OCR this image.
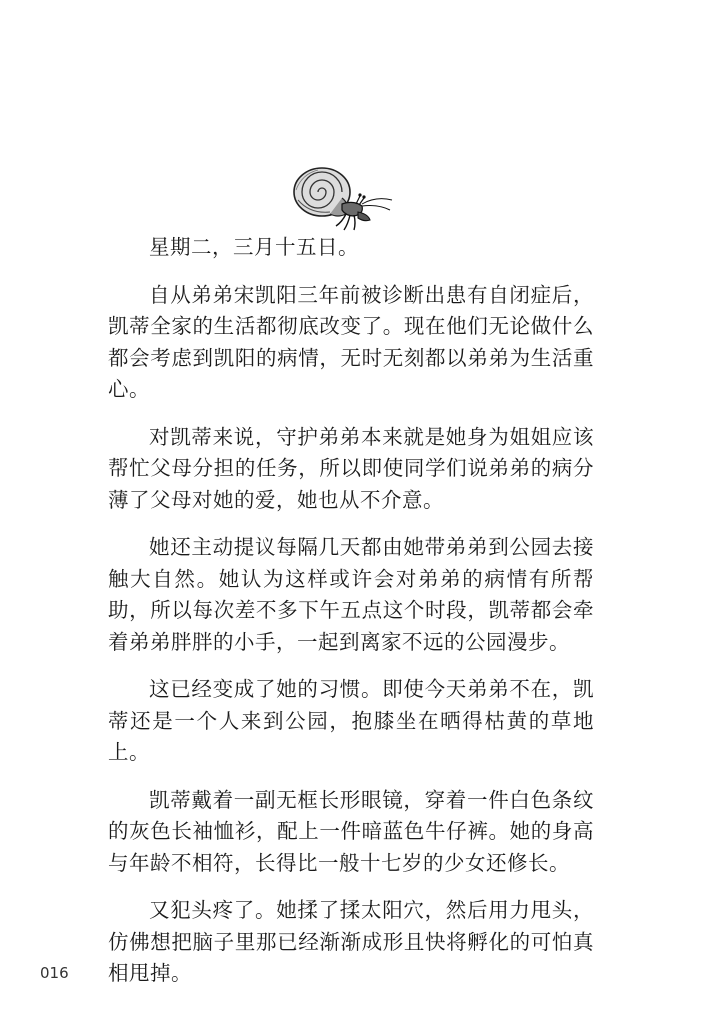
星期二，三月十五日。

自从弟弟宋凯阳三年前被诊断出患有自闭症后，凯蒂全家的生活都彻底改变了。现在他们无论做什么都会考虑到凯阳的病情，无时无刻都以弟弟为生活重心。

对凯蒂来说，守护弟弟本来就是她身为姐姐应该帮忙父母分担的任务，所以即使同学们说弟弟的病分薄了父母对她的爱，她也从不介意。

她还主动提议每隔几天都由她带弟弟到公园去接触大自然。她认为这样或许会对弟弟的病情有所帮助，所以每次差不多下午五点这个时段，凯蒂都会牵着弟弟胖胖的小手，一起到离家不远的公园漫步。

这已经变成了她的习惯。即使今天弟弟不在，凯蒂还是一个人来到公园，抱膝坐在晒得枯黄的草地上。

凯蒂戴着一副无框长形眼镜，穿着一件白色条纹的灰色长袖恤衫，配上一件暗蓝色牛仔裤。她的身高与年龄不相符，长得比一般十七岁的少女还修长。

又犯头疼了。她揉了揉太阳穴，然后用力甩头，仿佛想把脑子里那已经渐渐成形且快将孵化的可怕真相甩掉。

016
